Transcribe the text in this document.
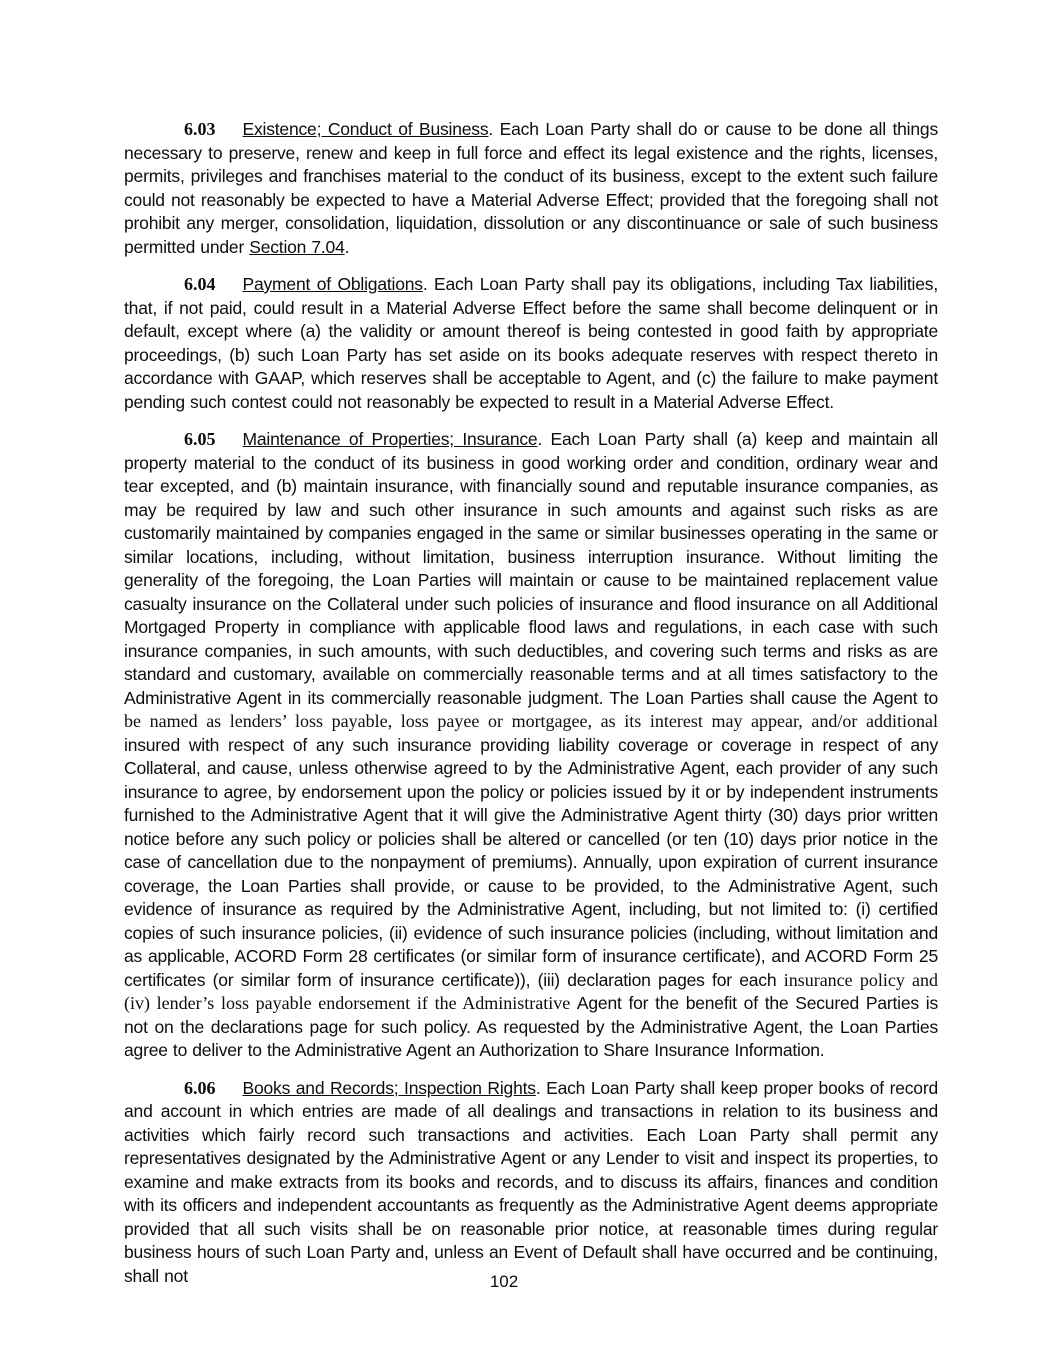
6.03 Existence; Conduct of Business. Each Loan Party shall do or cause to be done all things necessary to preserve, renew and keep in full force and effect its legal existence and the rights, licenses, permits, privileges and franchises material to the conduct of its business, except to the extent such failure could not reasonably be expected to have a Material Adverse Effect; provided that the foregoing shall not prohibit any merger, consolidation, liquidation, dissolution or any discontinuance or sale of such business permitted under Section 7.04.

6.04 Payment of Obligations. Each Loan Party shall pay its obligations, including Tax liabilities, that, if not paid, could result in a Material Adverse Effect before the same shall become delinquent or in default, except where (a) the validity or amount thereof is being contested in good faith by appropriate proceedings, (b) such Loan Party has set aside on its books adequate reserves with respect thereto in accordance with GAAP, which reserves shall be acceptable to Agent, and (c) the failure to make payment pending such contest could not reasonably be expected to result in a Material Adverse Effect.

6.05 Maintenance of Properties; Insurance. Each Loan Party shall (a) keep and maintain all property material to the conduct of its business in good working order and condition, ordinary wear and tear excepted, and (b) maintain insurance, with financially sound and reputable insurance companies, as may be required by law and such other insurance in such amounts and against such risks as are customarily maintained by companies engaged in the same or similar businesses operating in the same or similar locations, including, without limitation, business interruption insurance. Without limiting the generality of the foregoing, the Loan Parties will maintain or cause to be maintained replacement value casualty insurance on the Collateral under such policies of insurance and flood insurance on all Additional Mortgaged Property in compliance with applicable flood laws and regulations, in each case with such insurance companies, in such amounts, with such deductibles, and covering such terms and risks as are standard and customary, available on commercially reasonable terms and at all times satisfactory to the Administrative Agent in its commercially reasonable judgment. The Loan Parties shall cause the Agent to be named as lenders’ loss payable, loss payee or mortgagee, as its interest may appear, and/or additional insured with respect of any such insurance providing liability coverage or coverage in respect of any Collateral, and cause, unless otherwise agreed to by the Administrative Agent, each provider of any such insurance to agree, by endorsement upon the policy or policies issued by it or by independent instruments furnished to the Administrative Agent that it will give the Administrative Agent thirty (30) days prior written notice before any such policy or policies shall be altered or cancelled (or ten (10) days prior notice in the case of cancellation due to the nonpayment of premiums). Annually, upon expiration of current insurance coverage, the Loan Parties shall provide, or cause to be provided, to the Administrative Agent, such evidence of insurance as required by the Administrative Agent, including, but not limited to: (i) certified copies of such insurance policies, (ii) evidence of such insurance policies (including, without limitation and as applicable, ACORD Form 28 certificates (or similar form of insurance certificate), and ACORD Form 25 certificates (or similar form of insurance certificate)), (iii) declaration pages for each insurance policy and (iv) lender’s loss payable endorsement if the Administrative Agent for the benefit of the Secured Parties is not on the declarations page for such policy. As requested by the Administrative Agent, the Loan Parties agree to deliver to the Administrative Agent an Authorization to Share Insurance Information.

6.06 Books and Records; Inspection Rights. Each Loan Party shall keep proper books of record and account in which entries are made of all dealings and transactions in relation to its business and activities which fairly record such transactions and activities. Each Loan Party shall permit any representatives designated by the Administrative Agent or any Lender to visit and inspect its properties, to examine and make extracts from its books and records, and to discuss its affairs, finances and condition with its officers and independent accountants as frequently as the Administrative Agent deems appropriate provided that all such visits shall be on reasonable prior notice, at reasonable times during regular business hours of such Loan Party and, unless an Event of Default shall have occurred and be continuing, shall not	102
